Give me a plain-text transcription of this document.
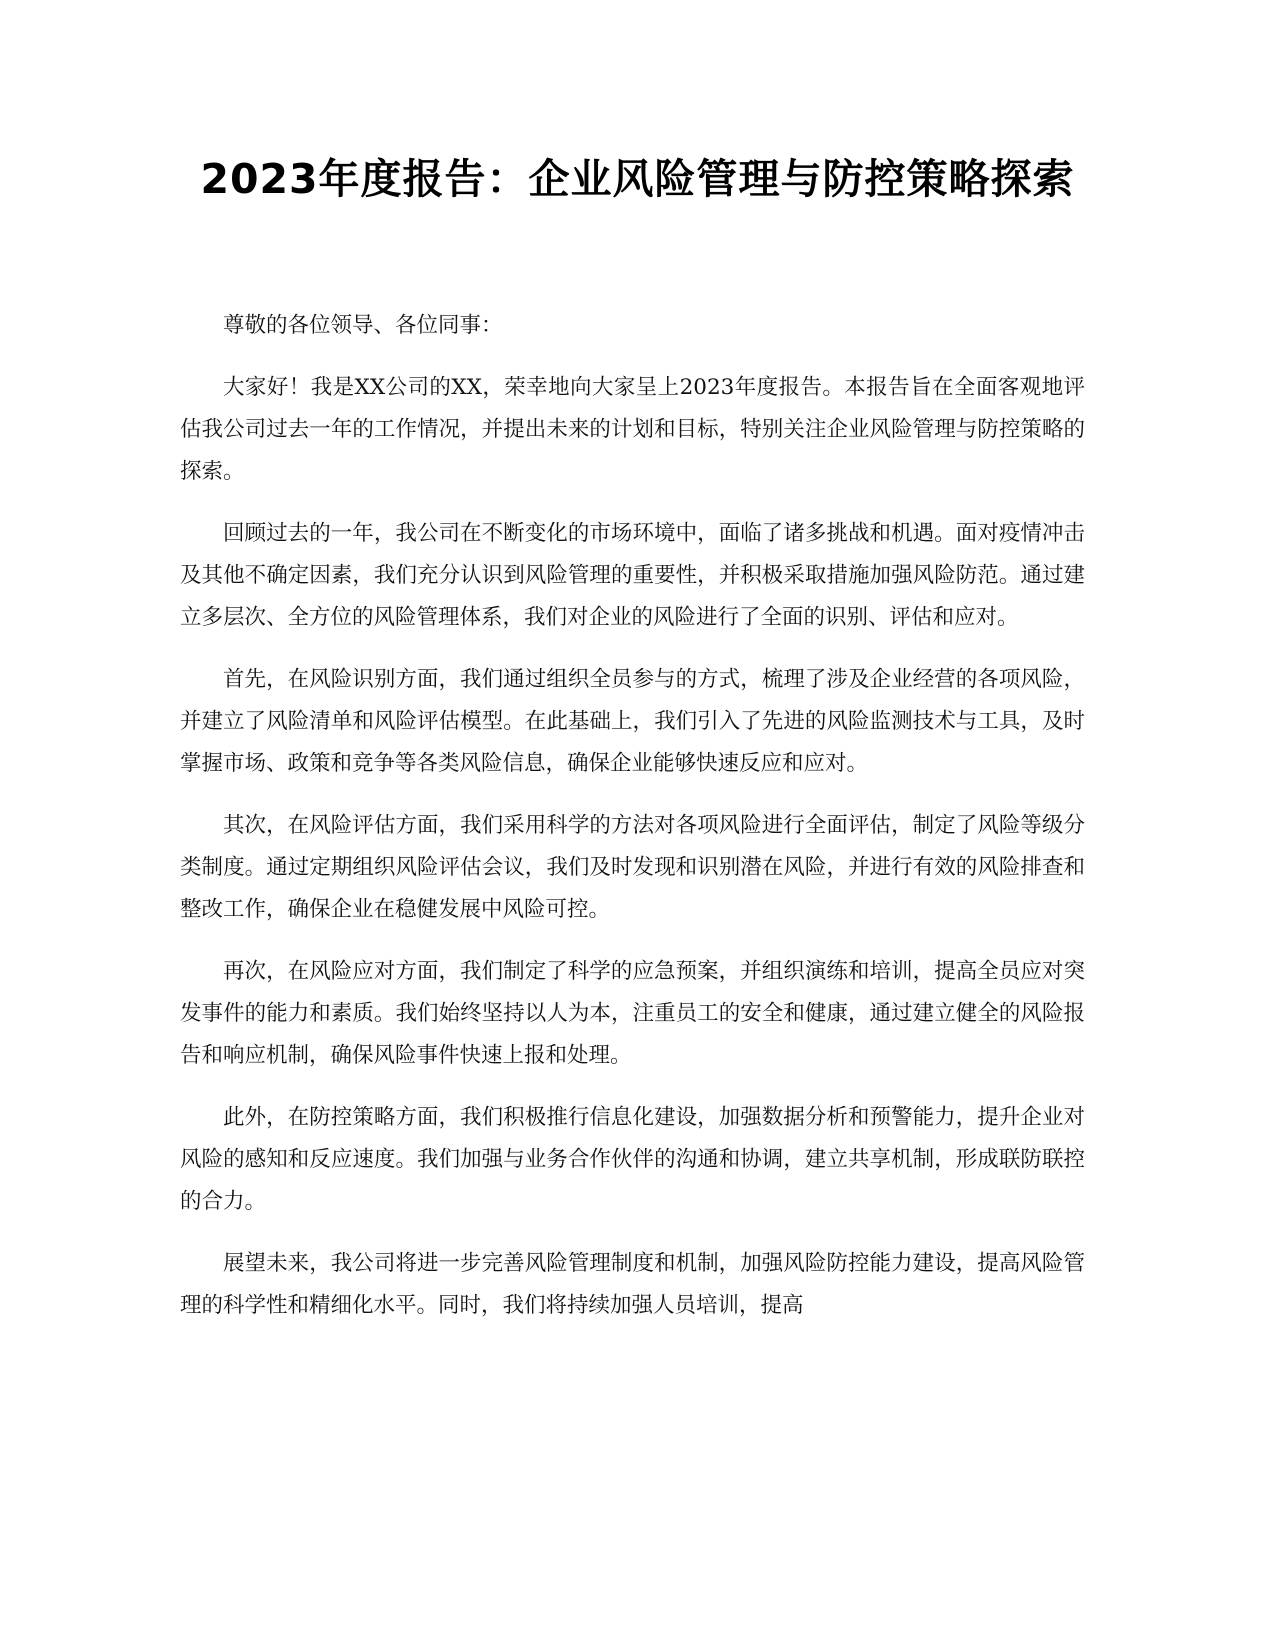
2023年度报告：企业风险管理与防控策略探索

尊敬的各位领导、各位同事：

大家好！我是XX公司的XX，荣幸地向大家呈上2023年度报告。本报告旨在全面客观地评估我公司过去一年的工作情况，并提出未来的计划和目标，特别关注企业风险管理与防控策略的探索。

回顾过去的一年，我公司在不断变化的市场环境中，面临了诸多挑战和机遇。面对疫情冲击及其他不确定因素，我们充分认识到风险管理的重要性，并积极采取措施加强风险防范。通过建立多层次、全方位的风险管理体系，我们对企业的风险进行了全面的识别、评估和应对。

首先，在风险识别方面，我们通过组织全员参与的方式，梳理了涉及企业经营的各项风险，并建立了风险清单和风险评估模型。在此基础上，我们引入了先进的风险监测技术与工具，及时掌握市场、政策和竞争等各类风险信息，确保企业能够快速反应和应对。

其次，在风险评估方面，我们采用科学的方法对各项风险进行全面评估，制定了风险等级分类制度。通过定期组织风险评估会议，我们及时发现和识别潜在风险，并进行有效的风险排查和整改工作，确保企业在稳健发展中风险可控。

再次，在风险应对方面，我们制定了科学的应急预案，并组织演练和培训，提高全员应对突发事件的能力和素质。我们始终坚持以人为本，注重员工的安全和健康，通过建立健全的风险报告和响应机制，确保风险事件快速上报和处理。

此外，在防控策略方面，我们积极推行信息化建设，加强数据分析和预警能力，提升企业对风险的感知和反应速度。我们加强与业务合作伙伴的沟通和协调，建立共享机制，形成联防联控的合力。

展望未来，我公司将进一步完善风险管理制度和机制，加强风险防控能力建设，提高风险管理的科学性和精细化水平。同时，我们将持续加强人员培训，提高
